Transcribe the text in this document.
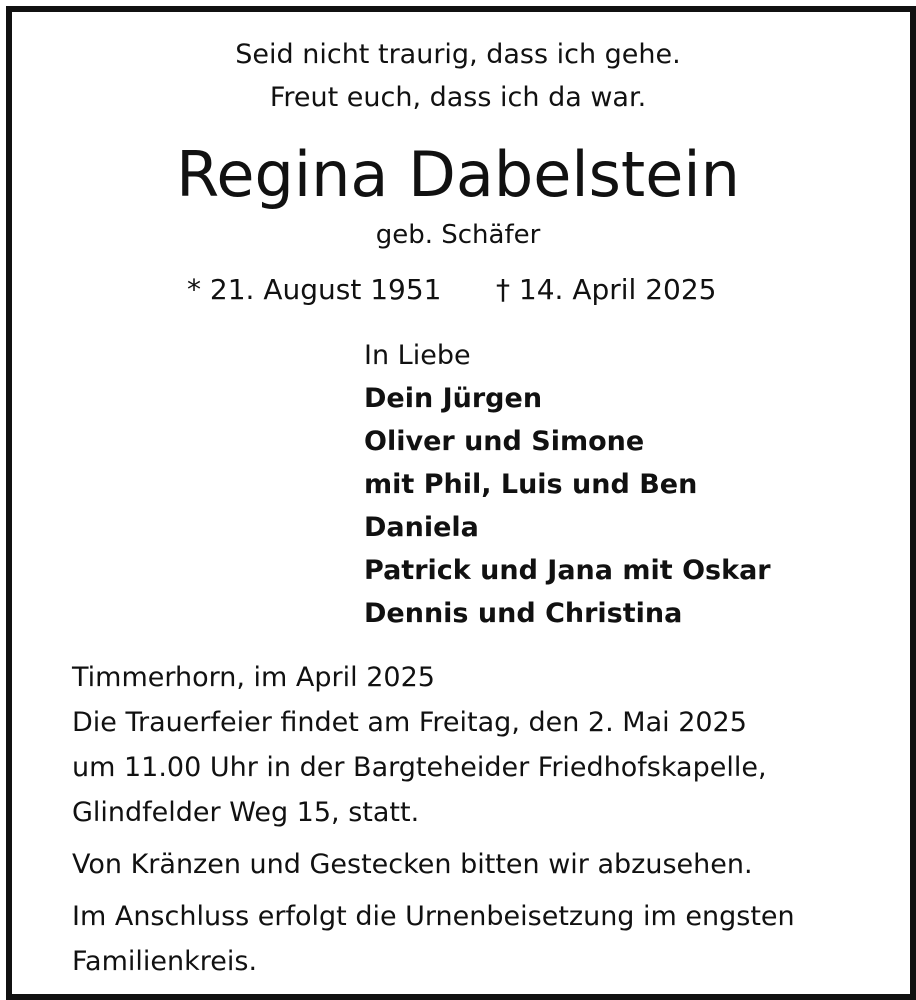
Seid nicht traurig, dass ich gehe.
Freut euch, dass ich da war.
Regina Dabelstein
geb. Schäfer
* 21. August 1951 † 14. April 2025
In Liebe
Dein Jürgen
Oliver und Simone
mit Phil, Luis und Ben
Daniela
Patrick und Jana mit Oskar
Dennis und Christina
Timmerhorn, im April 2025
Die Trauerfeier findet am Freitag, den 2. Mai 2025
um 11.00 Uhr in der Bargteheider Friedhofskapelle,
Glindfelder Weg 15, statt.
Von Kränzen und Gestecken bitten wir abzusehen.
Im Anschluss erfolgt die Urnenbeisetzung im engsten
Familienkreis.
